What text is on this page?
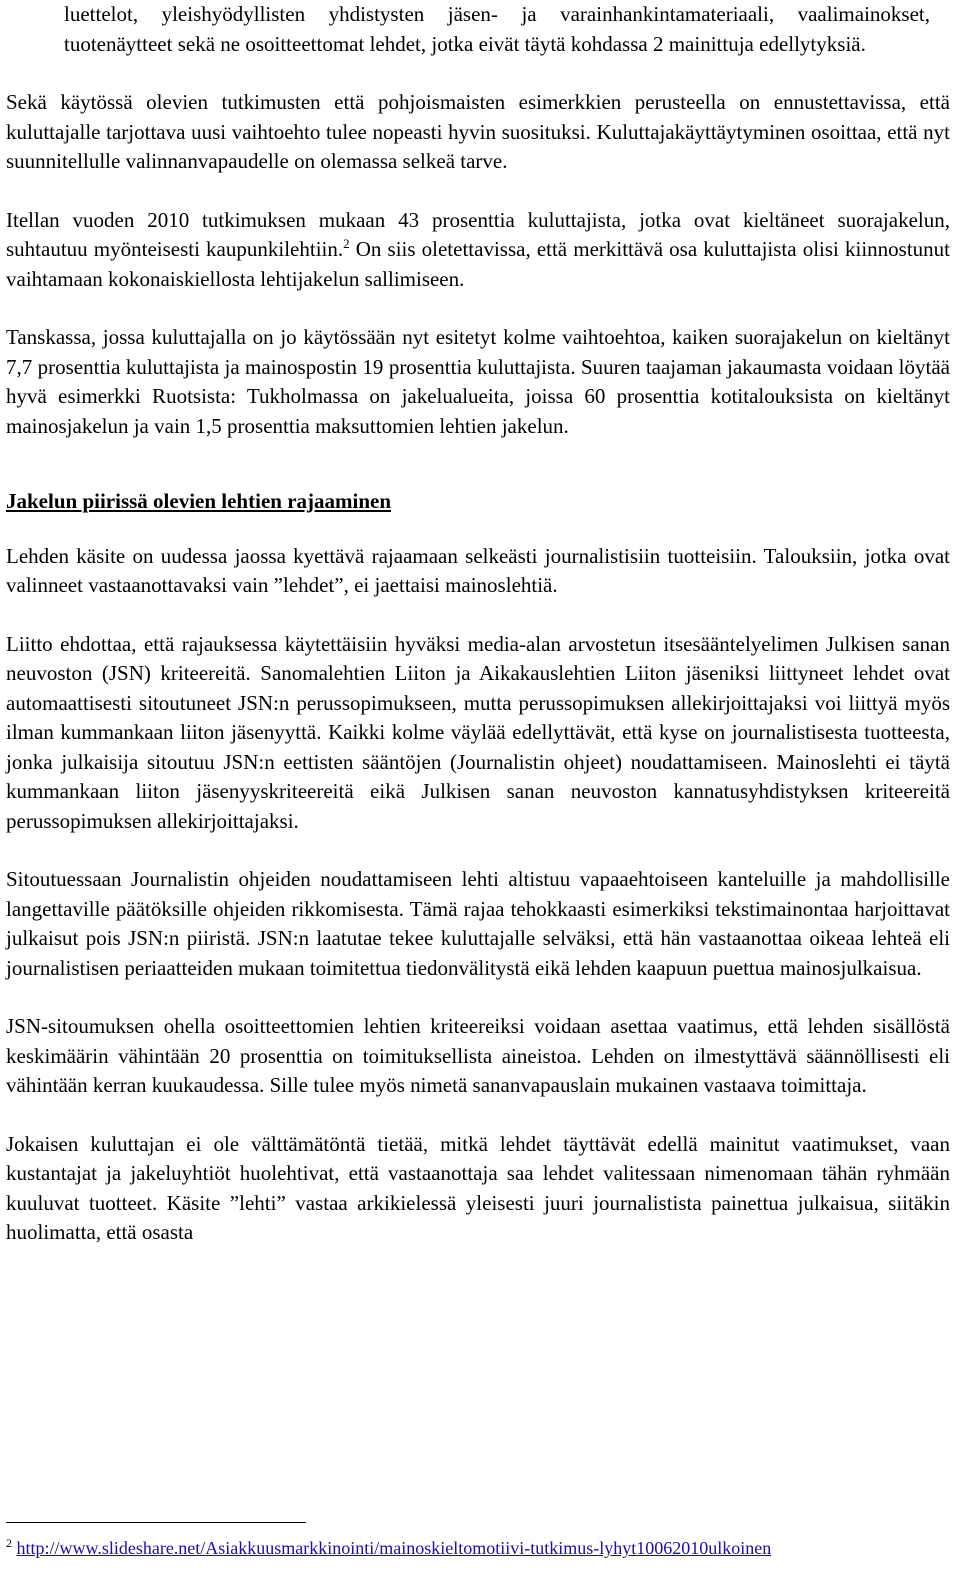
luettelot, yleishyödyllisten yhdistysten jäsen- ja varainhankintamateriaali, vaalimainokset, tuotenäytteet sekä ne osoitteettomat lehdet, jotka eivät täytä kohdassa 2 mainittuja edellytyksiä.

Sekä käytössä olevien tutkimusten että pohjoismaisten esimerkkien perusteella on ennustettavissa, että kuluttajalle tarjottava uusi vaihtoehto tulee nopeasti hyvin suosituksi. Kuluttajakäyttäytyminen osoittaa, että nyt suunnitellulle valinnanvapaudelle on olemassa selkeä tarve.

Itellan vuoden 2010 tutkimuksen mukaan 43 prosenttia kuluttajista, jotka ovat kieltäneet suorajakelun, suhtautuu myönteisesti kaupunkilehtiin.$^2$ On siis oletettavissa, että merkittävä osa kuluttajista olisi kiinnostunut vaihtamaan kokonaiskiellosta lehtijakelun sallimiseen.

Tanskassa, jossa kuluttajalla on jo käytössään nyt esitetyt kolme vaihtoehtoa, kaiken suorajakelun on kieltänyt 7,7 prosenttia kuluttajista ja mainospostin 19 prosenttia kuluttajista. Suuren taajaman jakaumasta voidaan löytää hyvä esimerkki Ruotsista: Tukholmassa on jakelualueita, joissa 60 prosenttia kotitalouksista on kieltänyt mainosjakelun ja vain 1,5 prosenttia maksuttomien lehtien jakelun.

Jakelun piirissä olevien lehtien rajaaminen

Lehden käsite on uudessa jaossa kyettävä rajaamaan selkeästi journalistisiin tuotteisiin. Talouksiin, jotka ovat valinneet vastaanottavaksi vain ”lehdet”, ei jaettaisi mainoslehtiä.

Liitto ehdottaa, että rajauksessa käytettäisiin hyväksi media-alan arvostetun itsesääntelyelimen Julkisen sanan neuvoston (JSN) kriteereitä. Sanomalehtien Liiton ja Aikakauslehtien Liiton jäseniksi liittyneet lehdet ovat automaattisesti sitoutuneet JSN:n perussopimukseen, mutta perussopimuksen allekirjoittajaksi voi liittyä myös ilman kummankaan liiton jäsenyyttä. Kaikki kolme väylää edellyttävät, että kyse on journalistisesta tuotteesta, jonka julkaisija sitoutuu JSN:n eettisten sääntöjen (Journalistin ohjeet) noudattamiseen. Mainoslehti ei täytä kummankaan liiton jäsenyyskriteereitä eikä Julkisen sanan neuvoston kannatusyhdistyksen kriteereitä perussopimuksen allekirjoittajaksi.

Sitoutuessaan Journalistin ohjeiden noudattamiseen lehti altistuu vapaaehtoiseen kanteluille ja mahdollisille langettaville päätöksille ohjeiden rikkomisesta. Tämä rajaa tehokkaasti esimerkiksi tekstimainontaa harjoittavat julkaisut pois JSN:n piiristä. JSN:n laatutae tekee kuluttajalle selväksi, että hän vastaanottaa oikeaa lehteä eli journalistisen periaatteiden mukaan toimitettua tiedonvälitystä eikä lehden kaapuun puettua mainosjulkaisua.

JSN-sitoumuksen ohella osoitteettomien lehtien kriteereiksi voidaan asettaa vaatimus, että lehden sisällöstä keskimäärin vähintään 20 prosenttia on toimituksellista aineistoa. Lehden on ilmestyttävä säännöllisesti eli vähintään kerran kuukaudessa. Sille tulee myös nimetä sananvapauslain mukainen vastaava toimittaja.

Jokaisen kuluttajan ei ole välttämätöntä tietää, mitkä lehdet täyttävät edellä mainitut vaatimukset, vaan kustantajat ja jakeluyhtiöt huolehtivat, että vastaanottaja saa lehdet valitessaan nimenomaan tähän ryhmään kuuluvat tuotteet. Käsite ”lehti” vastaa arkikielessä yleisesti juuri journalistista painettua julkaisua, siitäkin huolimatta, että osasta

$^2$ http://www.slideshare.net/Asiakkuusmarkkinointi/mainoskieltomotiivi-tutkimus-lyhyt10062010ulkoinen
